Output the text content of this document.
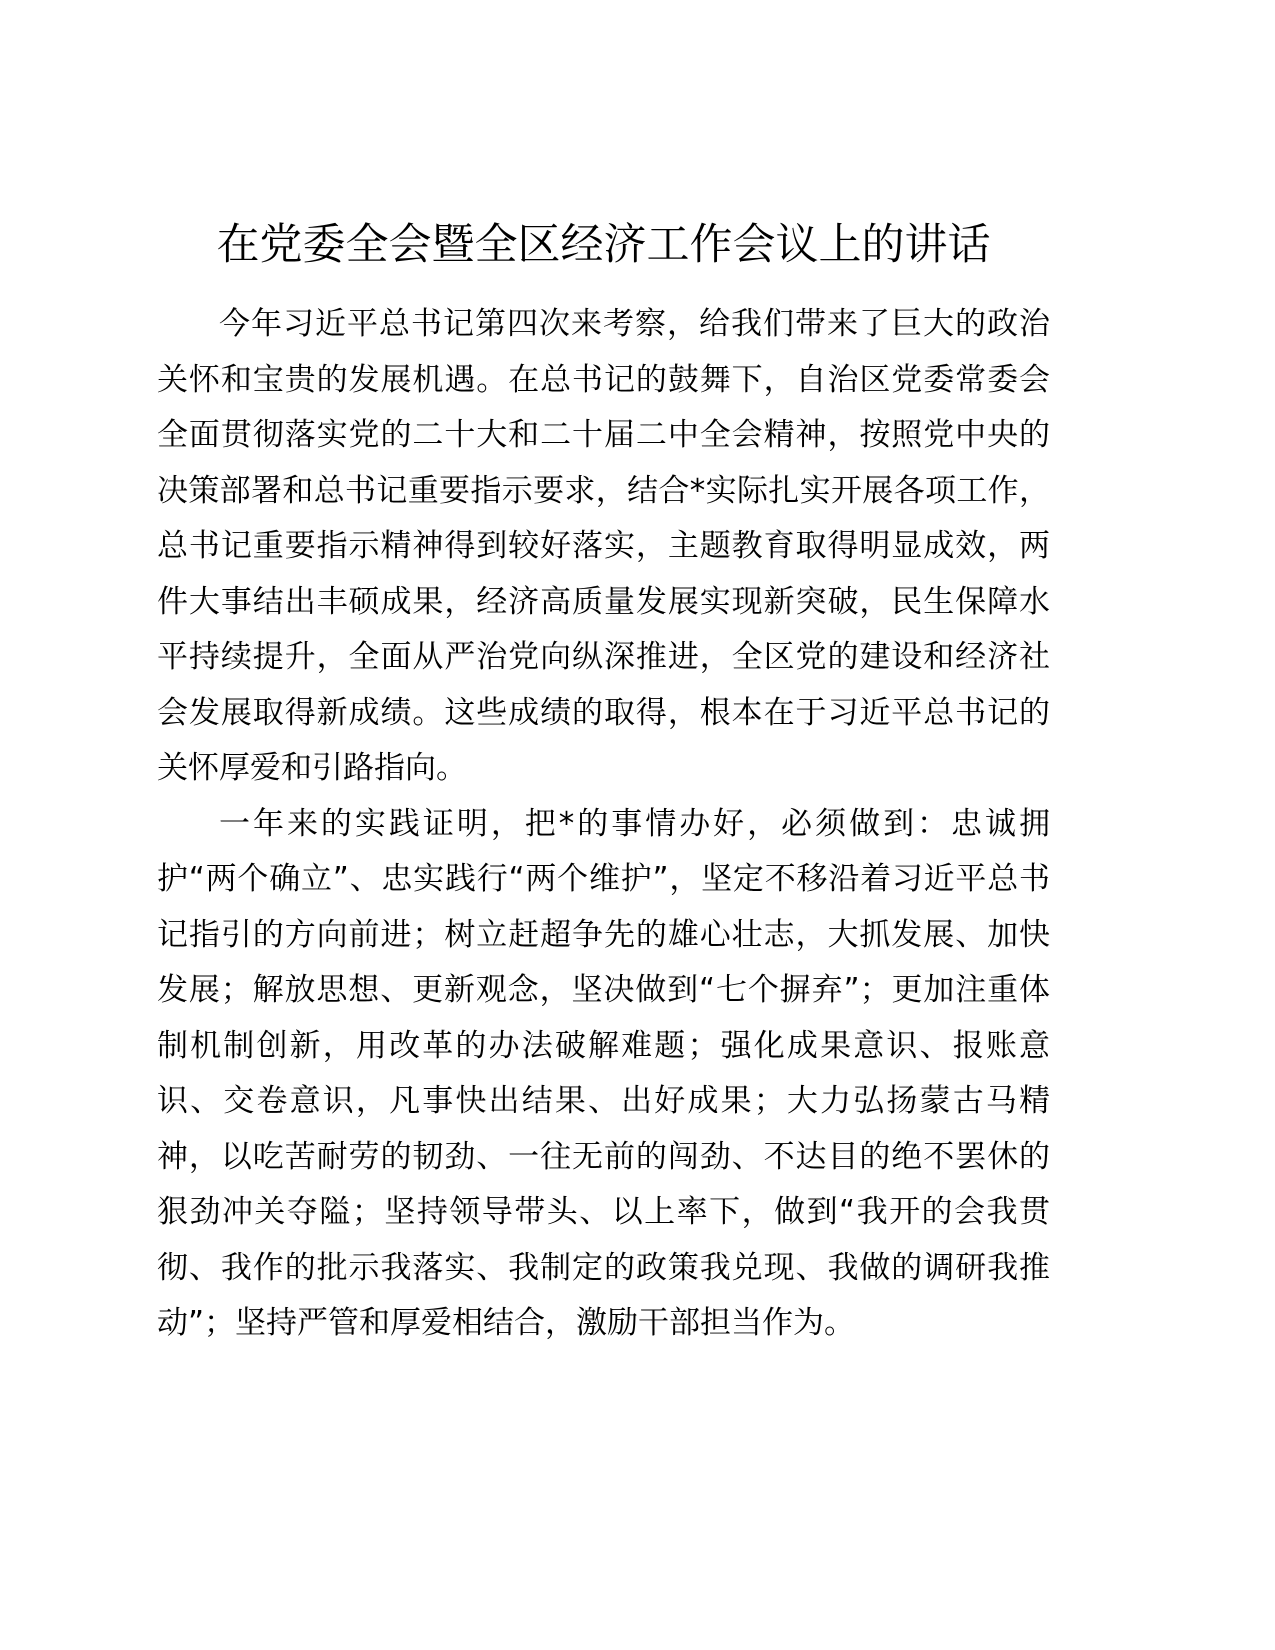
在党委全会暨全区经济工作会议上的讲话

今年习近平总书记第四次来考察，给我们带来了巨大的政治关怀和宝贵的发展机遇。在总书记的鼓舞下，自治区党委常委会全面贯彻落实党的二十大和二十届二中全会精神，按照党中央的决策部署和总书记重要指示要求，结合*实际扎实开展各项工作，总书记重要指示精神得到较好落实，主题教育取得明显成效，两件大事结出丰硕成果，经济高质量发展实现新突破，民生保障水平持续提升，全面从严治党向纵深推进，全区党的建设和经济社会发展取得新成绩。这些成绩的取得，根本在于习近平总书记的关怀厚爱和引路指向。

一年来的实践证明，把*的事情办好，必须做到：忠诚拥护“两个确立”、忠实践行“两个维护”，坚定不移沿着习近平总书记指引的方向前进；树立赶超争先的雄心壮志，大抓发展、加快发展；解放思想、更新观念，坚决做到“七个摒弃”；更加注重体制机制创新，用改革的办法破解难题；强化成果意识、报账意识、交卷意识，凡事快出结果、出好成果；大力弘扬蒙古马精神，以吃苦耐劳的韧劲、一往无前的闯劲、不达目的绝不罢休的狠劲冲关夺隘；坚持领导带头、以上率下，做到“我开的会我贯彻、我作的批示我落实、我制定的政策我兑现、我做的调研我推动”；坚持严管和厚爱相结合，激励干部担当作为。
